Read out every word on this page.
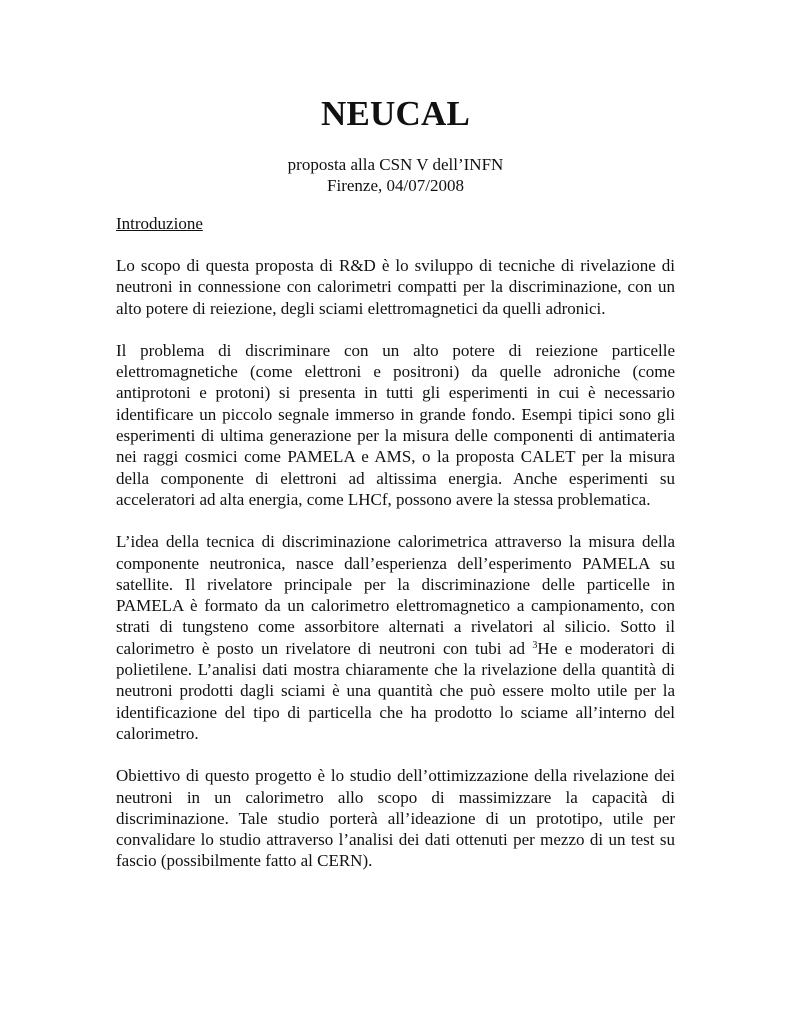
NEUCAL
proposta alla CSN V dell’INFN
Firenze, 04/07/2008
Introduzione

Lo scopo di questa proposta di R&D è lo sviluppo di tecniche di rivelazione di neutroni in connessione con calorimetri compatti per la discriminazione, con un alto potere di reiezione, degli sciami elettromagnetici da quelli adronici.

Il problema di discriminare con un alto potere di reiezione particelle elettromagnetiche (come elettroni e positroni) da quelle adroniche (come antiprotoni e protoni) si presenta in tutti gli esperimenti in cui è necessario identificare un piccolo segnale immerso in grande fondo. Esempi tipici sono gli esperimenti di ultima generazione per la misura delle componenti di antimateria nei raggi cosmici come PAMELA e AMS, o la proposta CALET per la misura della componente di elettroni ad altissima energia. Anche esperimenti su acceleratori ad alta energia, come LHCf, possono avere la stessa problematica.

L’idea della tecnica di discriminazione calorimetrica attraverso la misura della componente neutronica, nasce dall’esperienza dell’esperimento PAMELA su satellite. Il rivelatore principale per la discriminazione delle particelle in PAMELA è formato da un calorimetro elettromagnetico a campionamento, con strati di tungsteno come assorbitore alternati a rivelatori al silicio. Sotto il calorimetro è posto un rivelatore di neutroni con tubi ad $^3$He e moderatori di polietilene. L’analisi dati mostra chiaramente che la rivelazione della quantità di neutroni prodotti dagli sciami è una quantità che può essere molto utile per la identificazione del tipo di particella che ha prodotto lo sciame all’interno del calorimetro.

Obiettivo di questo progetto è lo studio dell’ottimizzazione della rivelazione dei neutroni in un calorimetro allo scopo di massimizzare la capacità di discriminazione. Tale studio porterà all’ideazione di un prototipo, utile per convalidare lo studio attraverso l’analisi dei dati ottenuti per mezzo di un test su fascio (possibilmente fatto al CERN).
